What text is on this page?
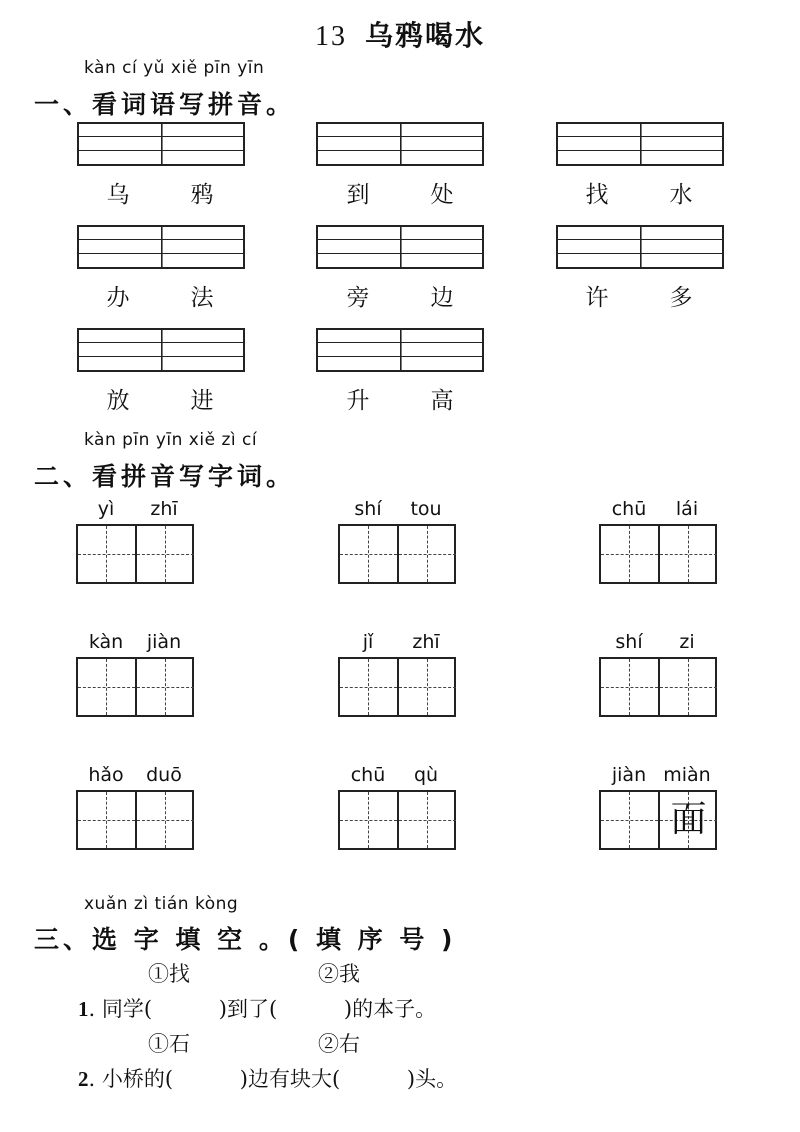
13 乌鸦喝水
kàn cí yǔ xiě pīn yīn
一、看词语写拼音。
乌	鸦	到	处	找	水
办	法	旁	边	许	多
放	进	升	高
kàn pīn yīn xiě zì cí
二、看拼音写字词。
yì	zhī	shí	tou	chū	lái
kàn	jiàn	jǐ	zhī	shí	zi
hǎo	duō	chū	qù	jiàn miàn
面
xuǎn zì tián kòng
三、选 字 填 空 。( 填 序 号 )
①找	②我
1. 同学(          )到了(          )的本子。
①石	②右
2. 小桥的(          )边有块大(          )头。
